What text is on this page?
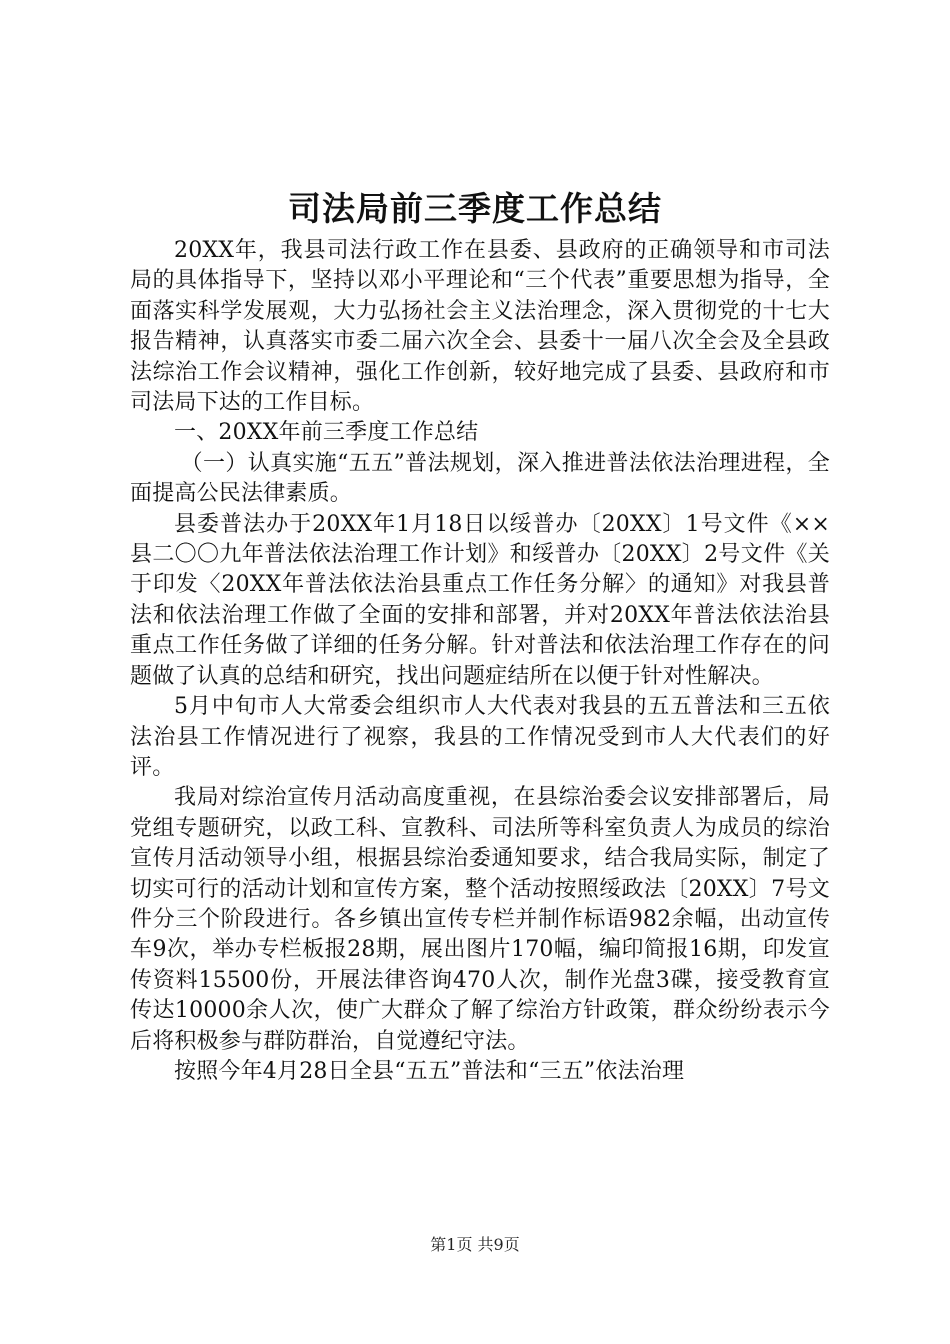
司法局前三季度工作总结

20XX年，我县司法行政工作在县委、县政府的正确领导和市司法局的具体指导下，坚持以邓小平理论和“三个代表”重要思想为指导，全面落实科学发展观，大力弘扬社会主义法治理念，深入贯彻党的十七大报告精神，认真落实市委二届六次全会、县委十一届八次全会及全县政法综治工作会议精神，强化工作创新，较好地完成了县委、县政府和市司法局下达的工作目标。

一、20XX年前三季度工作总结

（一）认真实施“五五”普法规划，深入推进普法依法治理进程，全面提高公民法律素质。

县委普法办于20XX年1月18日以绥普办〔20XX〕1号文件《××县二〇〇九年普法依法治理工作计划》和绥普办〔20XX〕2号文件《关于印发〈20XX年普法依法治县重点工作任务分解〉的通知》对我县普法和依法治理工作做了全面的安排和部署，并对20XX年普法依法治县重点工作任务做了详细的任务分解。针对普法和依法治理工作存在的问题做了认真的总结和研究，找出问题症结所在以便于针对性解决。

5月中旬市人大常委会组织市人大代表对我县的五五普法和三五依法治县工作情况进行了视察，我县的工作情况受到市人大代表们的好评。

我局对综治宣传月活动高度重视，在县综治委会议安排部署后，局党组专题研究，以政工科、宣教科、司法所等科室负责人为成员的综治宣传月活动领导小组，根据县综治委通知要求，结合我局实际，制定了切实可行的活动计划和宣传方案，整个活动按照绥政法〔20XX〕7号文件分三个阶段进行。各乡镇出宣传专栏并制作标语982余幅，出动宣传车9次，举办专栏板报28期，展出图片170幅，编印简报16期，印发宣传资料15500份，开展法律咨询470人次，制作光盘3碟，接受教育宣传达10000余人次，使广大群众了解了综治方针政策，群众纷纷表示今后将积极参与群防群治，自觉遵纪守法。

按照今年4月28日全县“五五”普法和“三五”依法治理

第1页 共9页
